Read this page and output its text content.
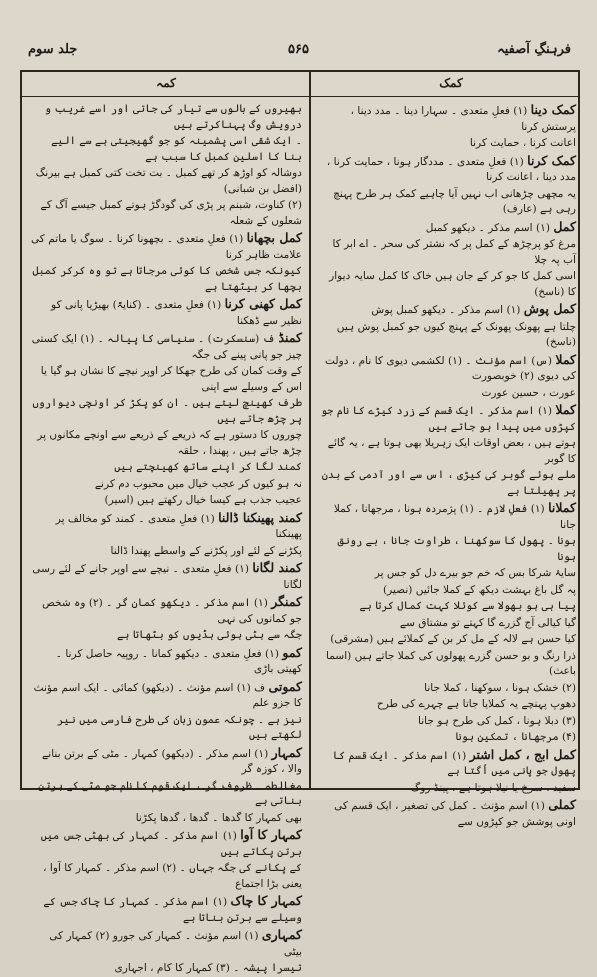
جلد سوم	۵۶۵	فرہنگِ آصفیہ
کمہ	کمک
بھیروں کے بالوں سے تیار کی جاتی اور اسے غریب و درویش وگ پہناکرتے ہیں
۔ ایک شقی اسی پشمینہ کو جو گھیجیتی ہے سے الیے بنا کا اسلین کمبل کا سبب ہے
دوشالہ کو اوڑھ کر تھے کمبل ۔ بت تخت کتی کمبل ہے بیرنگ (افضل بن شبانی)
(۲) کناوت، شبنم پر پڑی کی گودگڑ ہوتے کمبل جیسے آگ کے شعلوں کے شعلہ
کمل بچھانا (۱) فعلِ متعدی ۔ بچھونا کرنا ۔ سوگ یا ماتم کی علامت ظاہر کرنا
کیونکہ جس شخص کا کوئی مرجاتا ہے تو وہ کرکر کمبل بچھا کر بیٹھتا ہے
کمل کھنی کرنا (۱) فعلِ متعدی ۔ (کنایۃً) بھیڑیا پانی کو نظیر سے ڈھکنا
کمنڈ ف (سنسکرت) ۔ سنیاسی کا پیالہ ۔ (۱) ایک کستی چیز جو پانی پینے کی جگہ
کے وقت کمان کی طرح جھکا کر اوپر نیچے کا نشان ہو گیا یا اس کے وسیلے سے اپنی
طرف کھینچ لیتے ہیں ۔ ان کو پکڑ کر اونچی دیواروں پر چڑھ جاتے ہیں
چوروں کا دستور ہے کہ ذریعے کے ذریعے سے اونچے مکانوں پر چڑھ جاتے ہیں ، پھندا ، حلقہ
کمند لگا کر اپنے ساتھ کھینچتے ہیں
نہ ہو کیوں کر عجب خیال میں محبوب دم کرنے
عجیب جذب ہے کیسا خیال رکھتے ہیں (اسیر)
کمند پھینکنا ڈالنا (۱) فعلِ متعدی ۔ کمند کو مخالف پر پھینکنا
پکڑنے کے لئے اور پکڑنے کے واسطے پھندا ڈالنا
کمند لگانا (۱) فعلِ متعدی ۔ نیچے سے اوپر جانے کے لئے رسی لگانا
کمنگر (۱) اسم مذکر ۔ دیکھو کمان گر ۔ (۲) وہ شخص جو کمانوں کی نہی
جگہ سے ہٹی ہوئی ہڈیوں کو بٹھاتا ہے
کمو (۱) فعلِ متعدی ۔ دیکھو کمانا ۔ روپیہ حاصل کرنا ۔ کھیتی باڑی
کموتی ف (۱) اسم مؤنث ۔ (دیکھو) کمائی ۔ ایک اسم مؤنث کا جزو علم
نیز ہے ۔ چونکہ عمون زبان کی طرح فارسی میں نیر لکھتے ہیں
کمہار (۱) اسم مذکر ۔ (دیکھو) کمہار ۔ مٹی کے برتن بنانے والا ، کوزہ گر
مغالطہ ۔ ظروف گر ، ایک قوم کا نام جو مٹی کے برتن بناتی ہے
بھی کمہار کا گدھا ۔ گدھا ، گدھا پکڑنا
کمہار کا آوا (۱) اسم مذکر ۔ کمہار کی بھٹی جس میں برتن پکاتے ہیں
کے پکانے کی جگہ جہاں ۔ (۲) اسم مذکر ۔ کمہار کا آوا ، یعنی بڑا اجتماع
کمہار کا چاک (۱) اسم مذکر ۔ کمہار کا چاک جس کے وسیلے سے برتن بناتا ہے
کمہاری (۱) اسم مؤنث ۔ کمہار کی جورو (۲) کمہار کی بیٹی
تیسرا پیشہ ۔ (۳) کمہار کا کام ، اجہاری
کمک دینا (۱) فعلِ متعدی ۔ سہارا دینا ۔ مدد دینا ، پرستش کرنا
اعانت کرنا ، حمایت کرنا
کمک کرنا (۱) فعلِ متعدی ۔ مددگار ہونا ، حمایت کرنا ، مدد دینا ، اعانت کرنا
یہ مچھی چڑھانی اب نہیں آیا چاہیے کمک ہر طرح پہنچ رہی ہے (عارف)
کمل (۱) اسم مذکر ۔ دیکھو کمبل
مرغ کو پرچڑھ کے کمل پر کہ نشتر کی سحر ۔ اے ابر کا آب پہ چلا
اسی کمل کا جو کر کے جان ہیں خاک کا کمل سایہ دیوار کا (ناسخ)
کمل پوش (۱) اسم مذکر ۔ دیکھو کمبل پوش
چلتا ہے پھونک پھونک کے پہنچ کیوں جو کمبل پوش ہیں (ناسخ)
کملا (س) اسم مؤنث ۔ (۱) لکشمی دیوی کا نام ، دولت کی دیوی (۲) خوبصورت
عورت ، حسین عورت
کملا (۱) اسم مذکر ۔ ایک قسم کے زرد کیڑے کا نام جو کپڑوں میں پیدا ہو جاتے ہیں
ہوتے ہیں ، بعض اوقات ایک زہریلا بھی ہوتا ہے ، یہ گائے کا گوبر
ملے ہوئے گوبر کی کیڑی ، اس سے اور آدمی کے بدن پر پھیلتا ہے
کملانا (۱) فعلِ لازم ۔ (۱) پژمردہ ہونا ، مرجھانا ، کملا جانا
ہونا ۔ پھول کا سوکھنا ، طراوت جانا ، بے رونق ہونا
سایۂ شرکا بس کہ خم جو بیرے دل کو جس پر
پہ گل باغ بہشت دیکھ کے کملا جائیں (نصیر)
پیا ہی ہو بھولا سے کوئلا کہت کمال کرتا ہے
گیا کیالی آج گزرے گا کہتے تو مشتاق سے
کیا حسن ہے لالہ کے مل کر بن کے کملائے ہیں (مشرقی)
ذرا رنگ و بو حسن گزرے پھولوں کی کملا جاتے ہیں (اسما باعث)
(۲) خشک ہونا ، سوکھنا ، کملا جانا
دھوپ پہنچے یہ کملایا جاتا ہے چہرے کی طرح
(۳) دبلا ہونا ، کمل کی طرح ہو جانا
(۴) مرجھانا ، تمکین ہونا
کمل ابج ، کمل اشتر (۱) اسم مذکر ۔ ایک قسم کا پھول جو پانی میں اُگتا ہے
سفید ، سرخ یا نیلا ہوتا ہے ، پینڈ روگ
کملی (۱) اسم مؤنث ۔ کمل کی تصغیر ، ایک قسم کی اونی پوشش جو کپڑوں سے
